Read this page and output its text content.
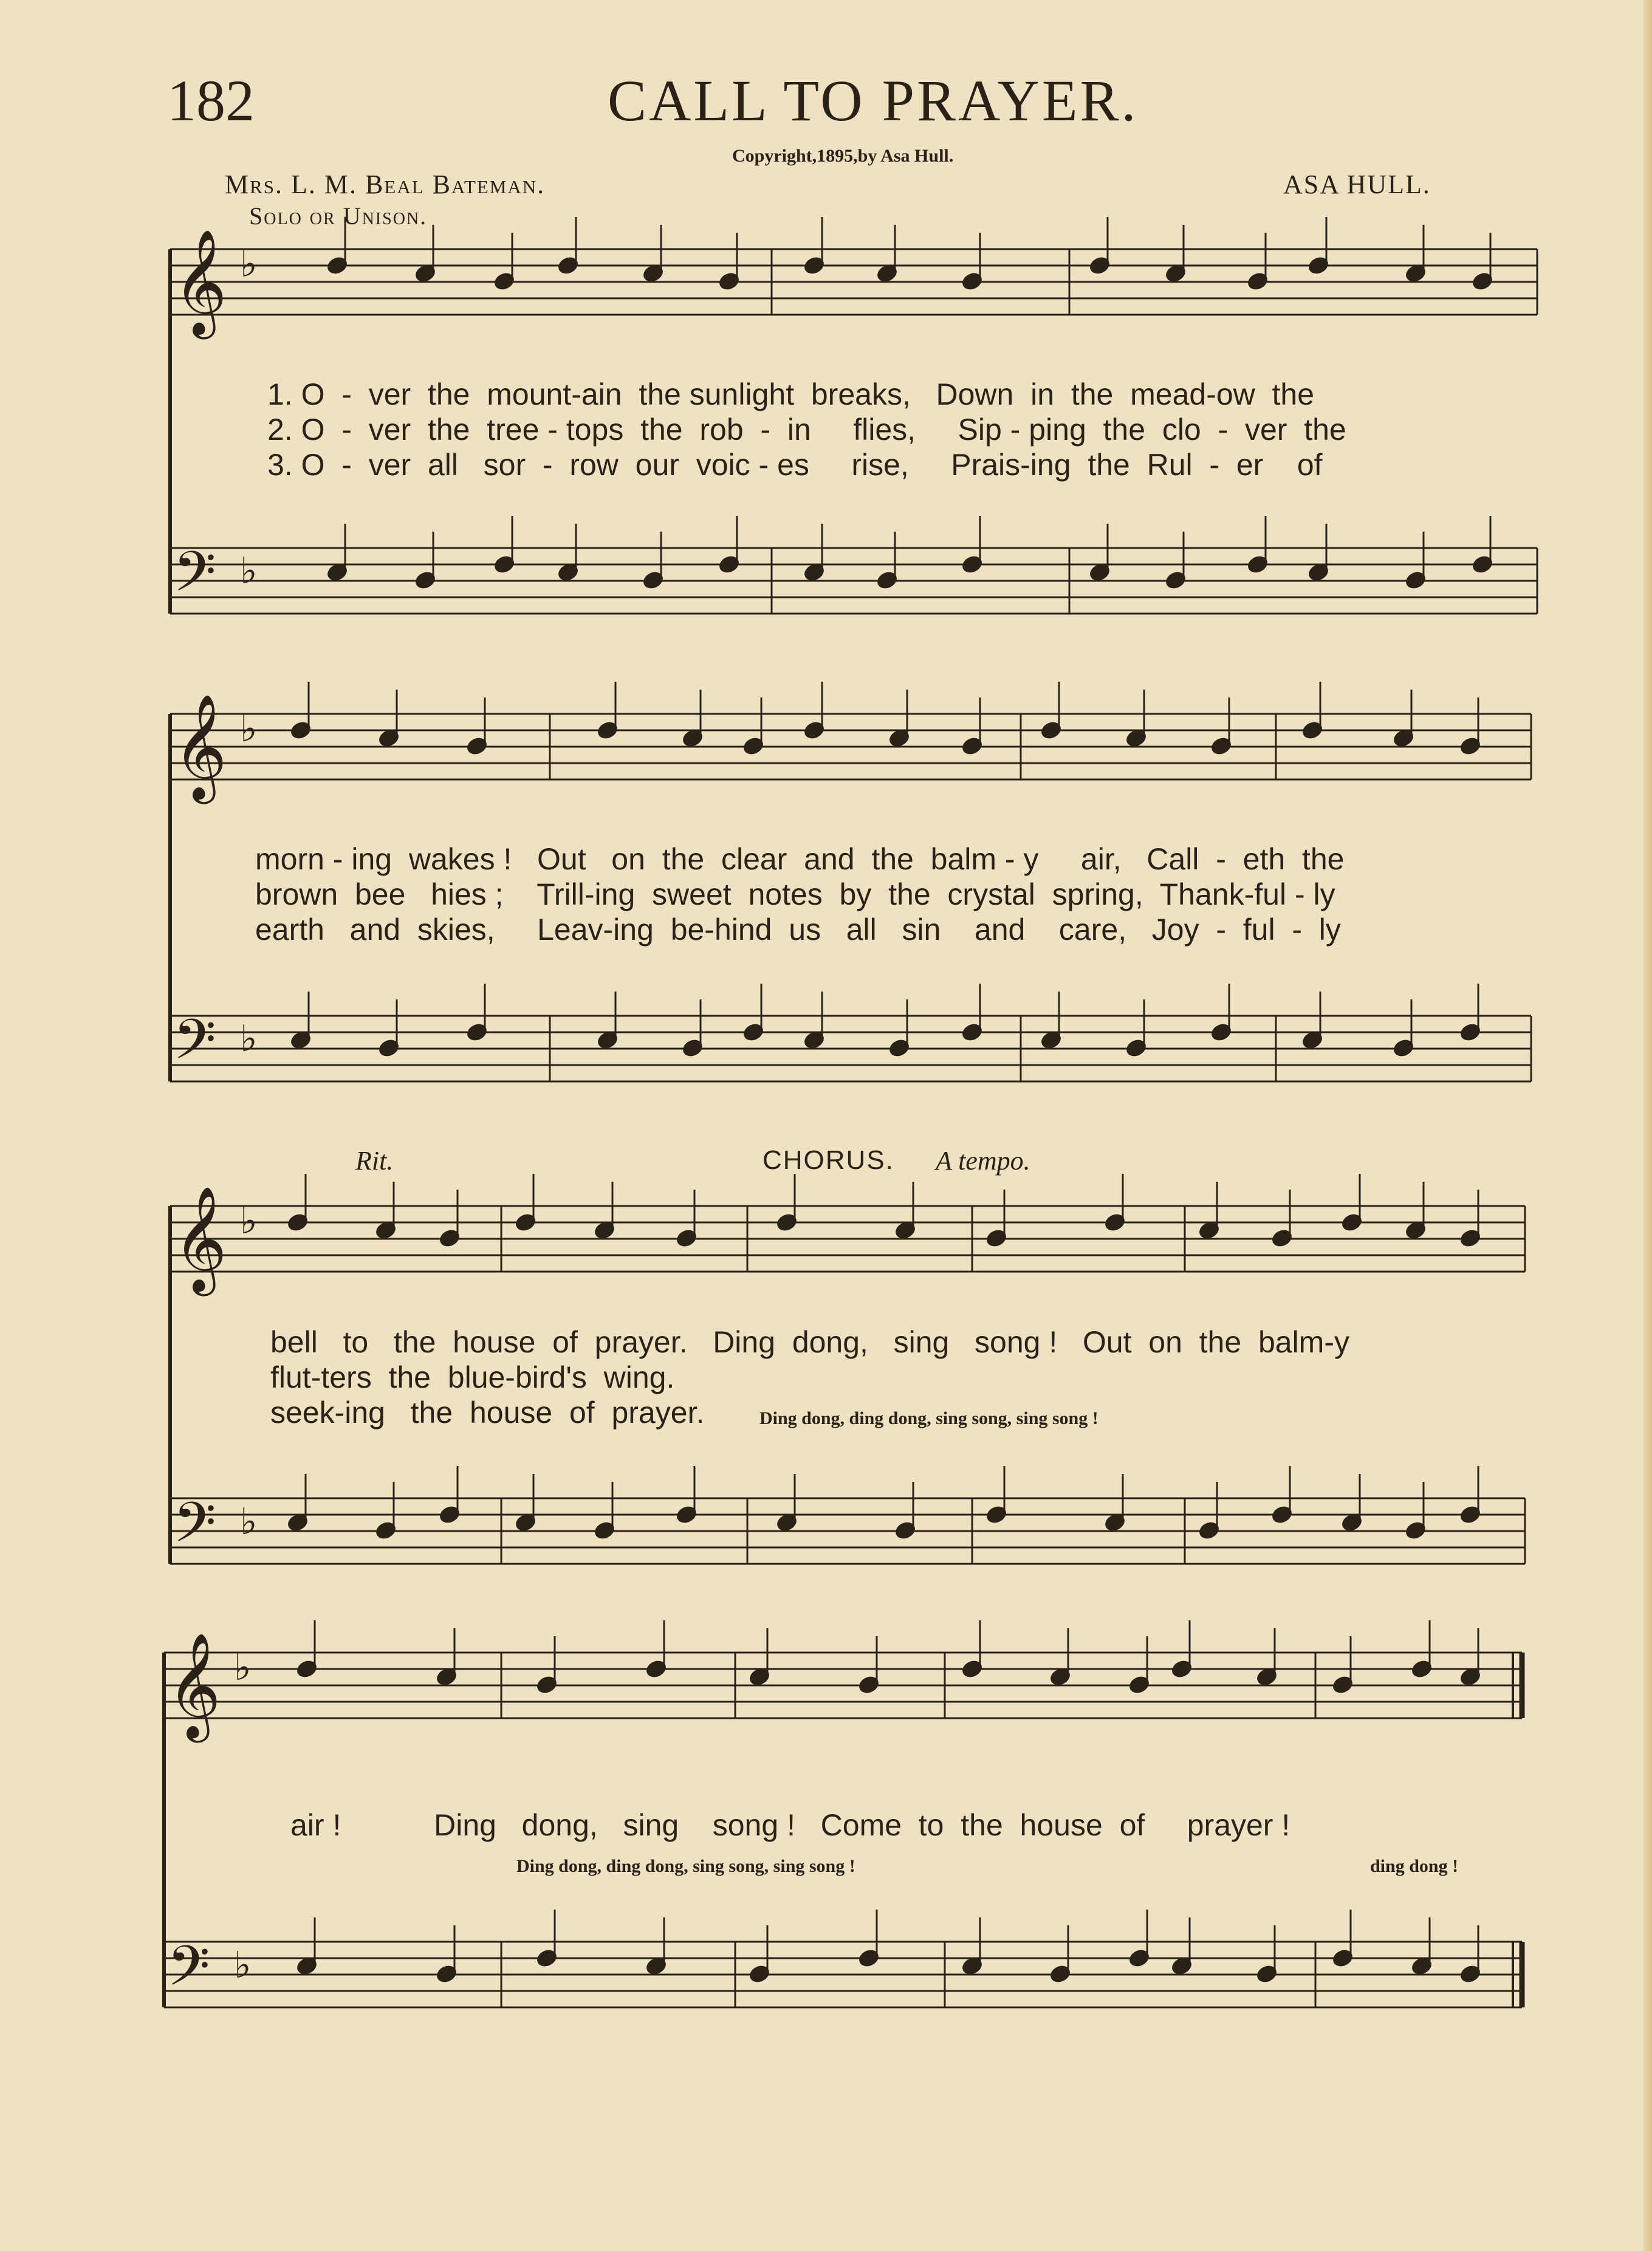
182	CALL TO PRAYER.
Copyright,1895,by Asa Hull.
Mrs. L. M. Beal Bateman.	ASA HULL.
Solo or Unison.
𝄞
𝄢
𝄞
𝄢
𝄞
𝄢
𝄞
𝄢
♭
♭
♭
♭
♭
♭
♭
♭
1. O  -  ver  the  mount-ain  the sunlight  breaks,   Down  in  the  mead-ow  the
2. O  -  ver  the  tree - tops  the  rob  -  in     flies,     Sip - ping  the  clo  -  ver  the
3. O  -  ver  all   sor  -  row  our  voic - es     rise,     Prais-ing  the  Rul  -  er    of
morn - ing  wakes !   Out   on  the  clear  and  the  balm - y     air,   Call  -  eth  the
brown  bee   hies ;    Trill-ing  sweet  notes  by  the  crystal  spring,  Thank-ful - ly
earth   and  skies,     Leav-ing  be-hind  us   all   sin    and    care,   Joy  -  ful  -  ly
Rit.	CHORUS. A tempo.
bell   to   the  house  of  prayer.   Ding  dong,   sing   song !   Out  on  the  balm-y
flut-ters  the  blue-bird's  wing.
seek-ing   the  house  of  prayer.	Ding dong, ding dong, sing song, sing song !
air !           Ding   dong,   sing    song !   Come  to  the  house  of     prayer !
Ding dong, ding dong, sing song, sing song !	ding dong !
